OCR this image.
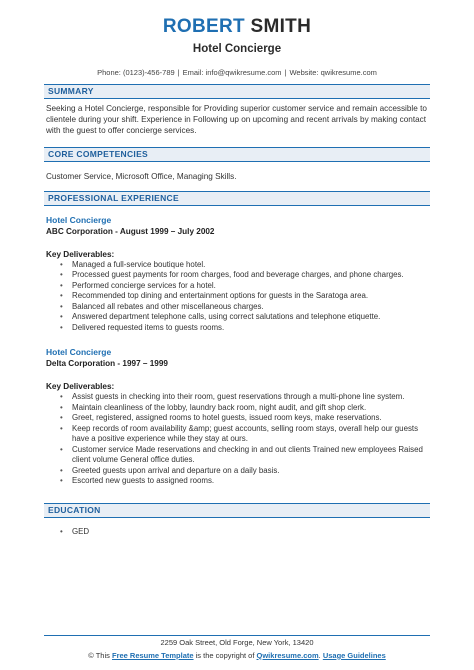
ROBERT SMITH
Hotel Concierge
Phone: (0123)-456-789 | Email: info@qwikresume.com | Website: qwikresume.com
SUMMARY
Seeking a Hotel Concierge, responsible for Providing superior customer service and remain accessible to clientele during your shift. Experience in Following up on upcoming and recent arrivals by making contact with the guest to offer concierge services.
CORE COMPETENCIES
Customer Service, Microsoft Office, Managing Skills.
PROFESSIONAL EXPERIENCE
Hotel Concierge
ABC Corporation - August 1999 – July 2002
Key Deliverables:
• Managed a full-service boutique hotel.
• Processed guest payments for room charges, food and beverage charges, and phone charges.
• Performed concierge services for a hotel.
• Recommended top dining and entertainment options for guests in the Saratoga area.
• Balanced all rebates and other miscellaneous charges.
• Answered department telephone calls, using correct salutations and telephone etiquette.
• Delivered requested items to guests rooms.
Hotel Concierge
Delta Corporation - 1997 – 1999
Key Deliverables:
• Assist guests in checking into their room, guest reservations through a multi-phone line system.
• Maintain cleanliness of the lobby, laundry back room, night audit, and gift shop clerk.
• Greet, registered, assigned rooms to hotel guests, issued room keys, make reservations.
• Keep records of room availability &amp; guest accounts, selling room stays, overall help our guests have a positive experience while they stay at ours.
• Customer service Made reservations and checking in and out clients Trained new employees Raised client volume General office duties.
• Greeted guests upon arrival and departure on a daily basis.
• Escorted new guests to assigned rooms.
EDUCATION
• GED
2259 Oak Street, Old Forge, New York, 13420
© This Free Resume Template is the copyright of Qwikresume.com. Usage Guidelines
